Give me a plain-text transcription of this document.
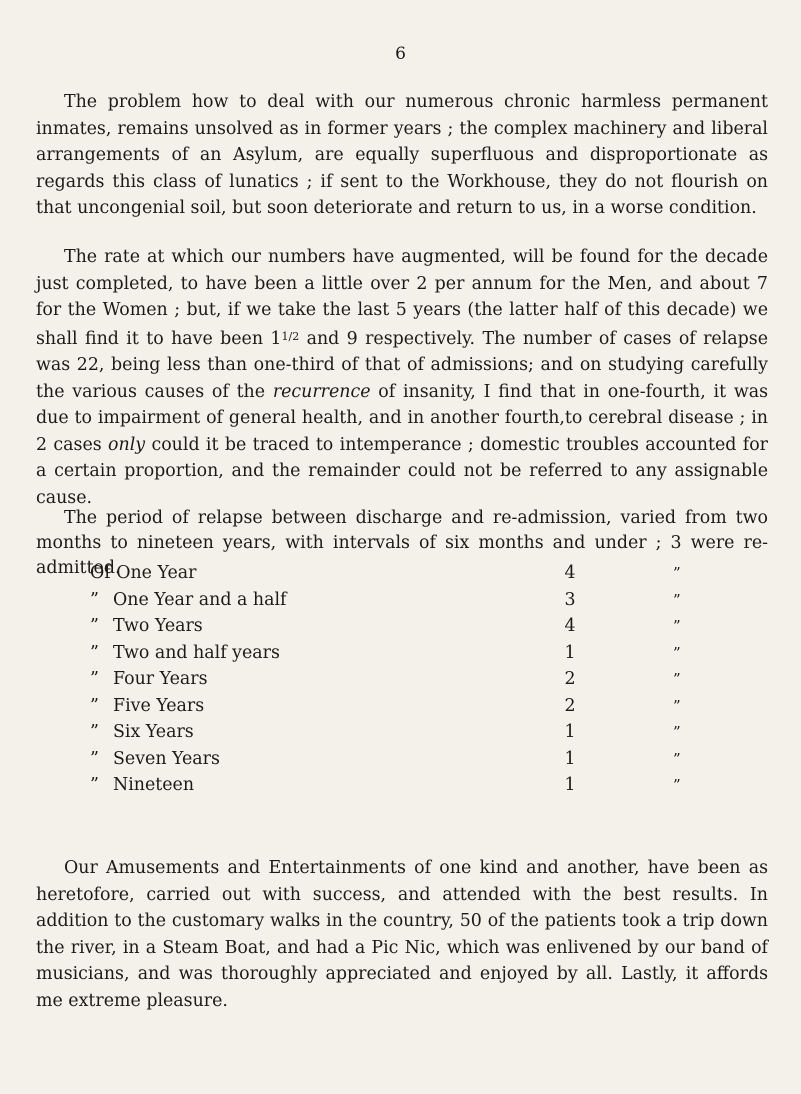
6

The problem how to deal with our numerous chronic harmless permanent inmates, remains unsolved as in former years ; the complex machinery and liberal arrangements of an Asylum, are equally superfluous and disproportionate as regards this class of lunatics ; if sent to the Workhouse, they do not flourish on that uncongenial soil, but soon deteriorate and return to us, in a worse condition.

The rate at which our numbers have augmented, will be found for the decade just completed, to have been a little over 2 per annum for the Men, and about 7 for the Women ; but, if we take the last 5 years (the latter half of this decade) we shall find it to have been $1^{1/2}$ and 9 respectively. The number of cases of relapse was 22, being less than one-third of that of admissions; and on studying carefully the various causes of the recurrence of insanity, I find that in one-fourth, it was due to impairment of general health, and in another fourth,to cerebral disease ; in 2 cases only could it be traced to intemperance ; domestic troubles accounted for a certain proportion, and the remainder could not be referred to any assignable cause.

The period of relapse between discharge and re-admission, varied from two months to nineteen years, with intervals of six months and under ; 3 were re-admitted.

Of One Year	4	”
” One Year and a half	3	”
” Two Years	4	”
” Two and half years	1	”
” Four Years	2	”
” Five Years	2	”
” Six Years	1	”
” Seven Years	1	”
” Nineteen	1	”

Our Amusements and Entertainments of one kind and another, have been as heretofore, carried out with success, and attended with the best results. In addition to the customary walks in the country, 50 of the patients took a trip down the river, in a Steam Boat, and had a Pic Nic, which was enlivened by our band of musicians, and was thoroughly appreciated and enjoyed by all. Lastly, it affords me extreme pleasure.
